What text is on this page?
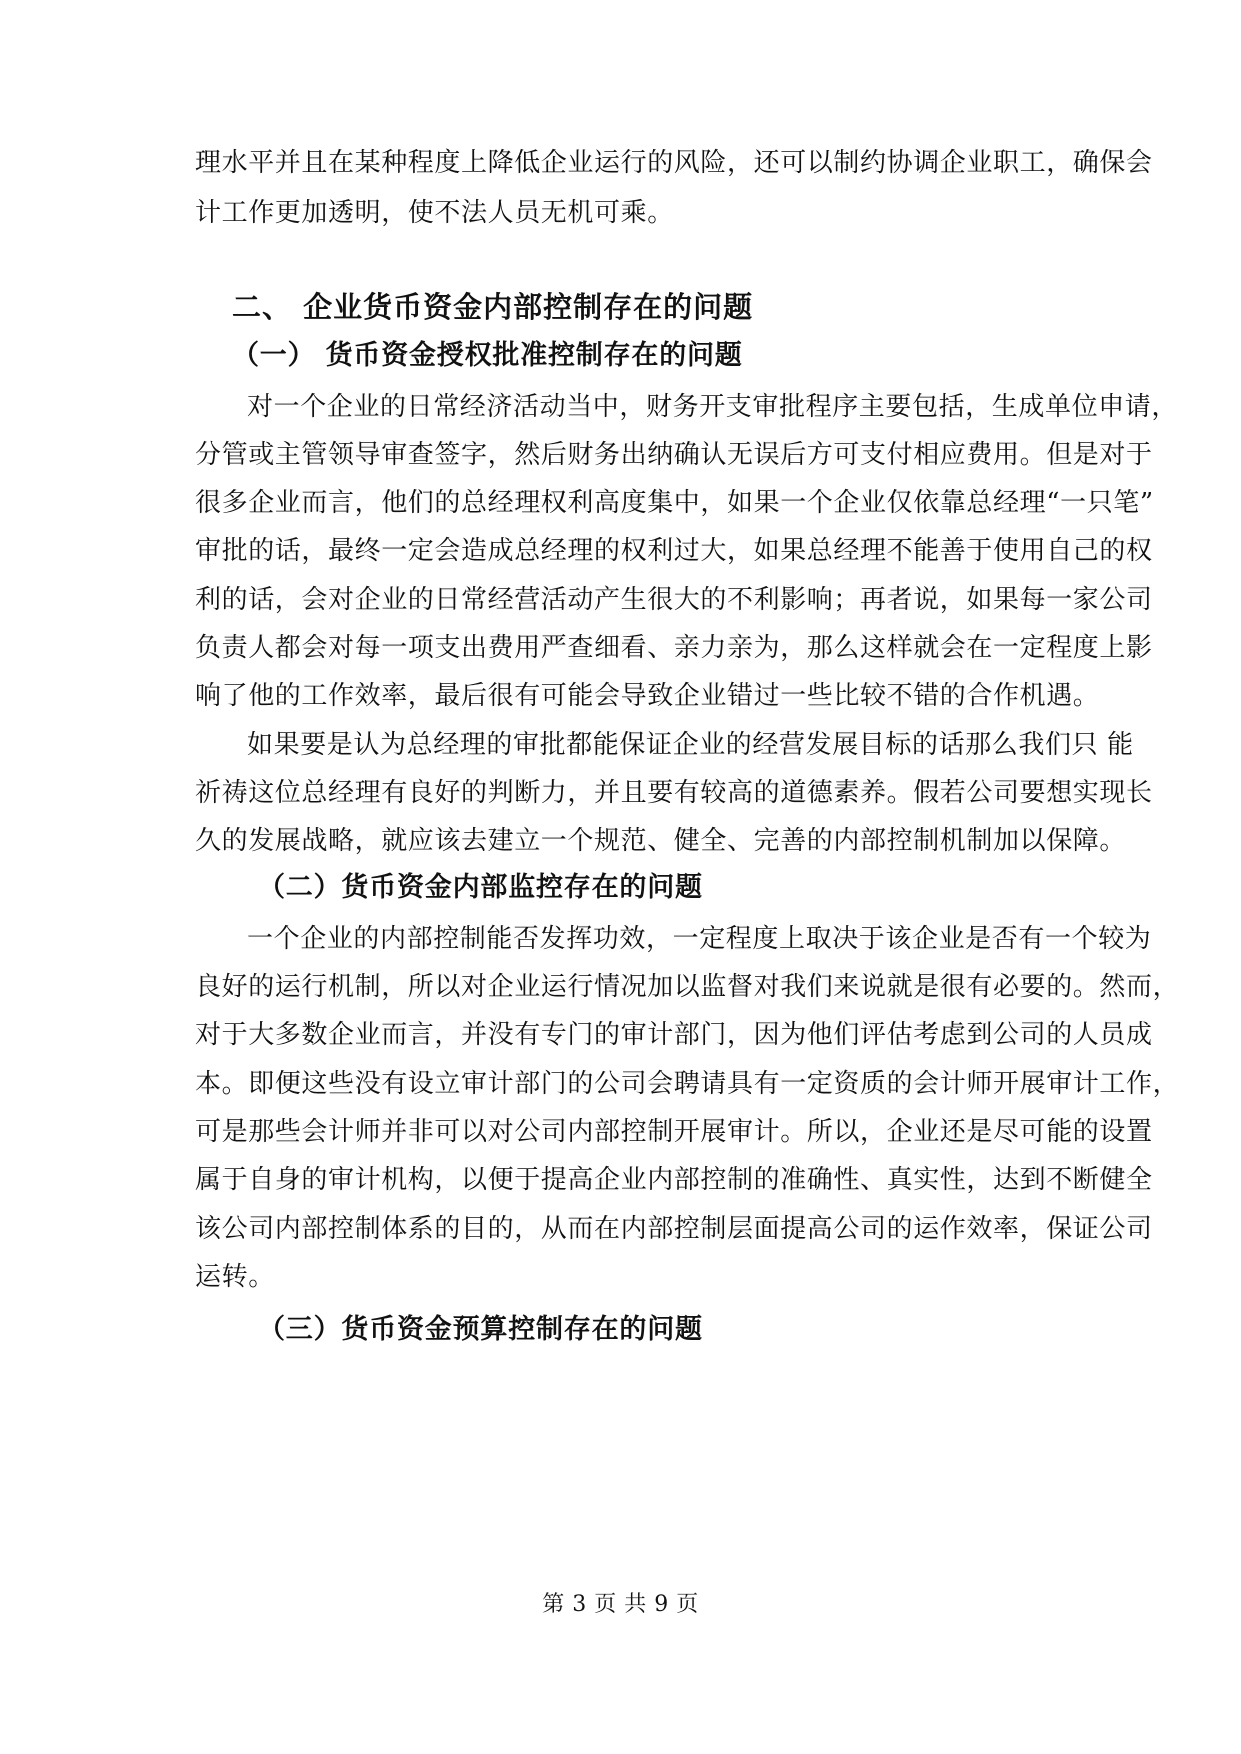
理水平并且在某种程度上降低企业运行的风险，还可以制约协调企业职工，确保会
计工作更加透明，使不法人员无机可乘。
二、 企业货币资金内部控制存在的问题
（一） 货币资金授权批准控制存在的问题
对一个企业的日常经济活动当中，财务开支审批程序主要包括，生成单位申请，
分管或主管领导审查签字，然后财务出纳确认无误后方可支付相应费用。但是对于
很多企业而言，他们的总经理权利高度集中，如果一个企业仅依靠总经理“一只笔”
审批的话，最终一定会造成总经理的权利过大，如果总经理不能善于使用自己的权
利的话，会对企业的日常经营活动产生很大的不利影响；再者说，如果每一家公司
负责人都会对每一项支出费用严查细看、亲力亲为，那么这样就会在一定程度上影
响了他的工作效率，最后很有可能会导致企业错过一些比较不错的合作机遇。
如果要是认为总经理的审批都能保证企业的经营发展目标的话那么我们只 能
祈祷这位总经理有良好的判断力，并且要有较高的道德素养。假若公司要想实现长
久的发展战略，就应该去建立一个规范、健全、完善的内部控制机制加以保障。
（二）货币资金内部监控存在的问题
一个企业的内部控制能否发挥功效，一定程度上取决于该企业是否有一个较为
良好的运行机制，所以对企业运行情况加以监督对我们来说就是很有必要的。然而，
对于大多数企业而言，并没有专门的审计部门，因为他们评估考虑到公司的人员成
本。即便这些没有设立审计部门的公司会聘请具有一定资质的会计师开展审计工作，
可是那些会计师并非可以对公司内部控制开展审计。所以，企业还是尽可能的设置
属于自身的审计机构，以便于提高企业内部控制的准确性、真实性，达到不断健全
该公司内部控制体系的目的，从而在内部控制层面提高公司的运作效率，保证公司
运转。
（三）货币资金预算控制存在的问题
第 3 页 共 9 页
